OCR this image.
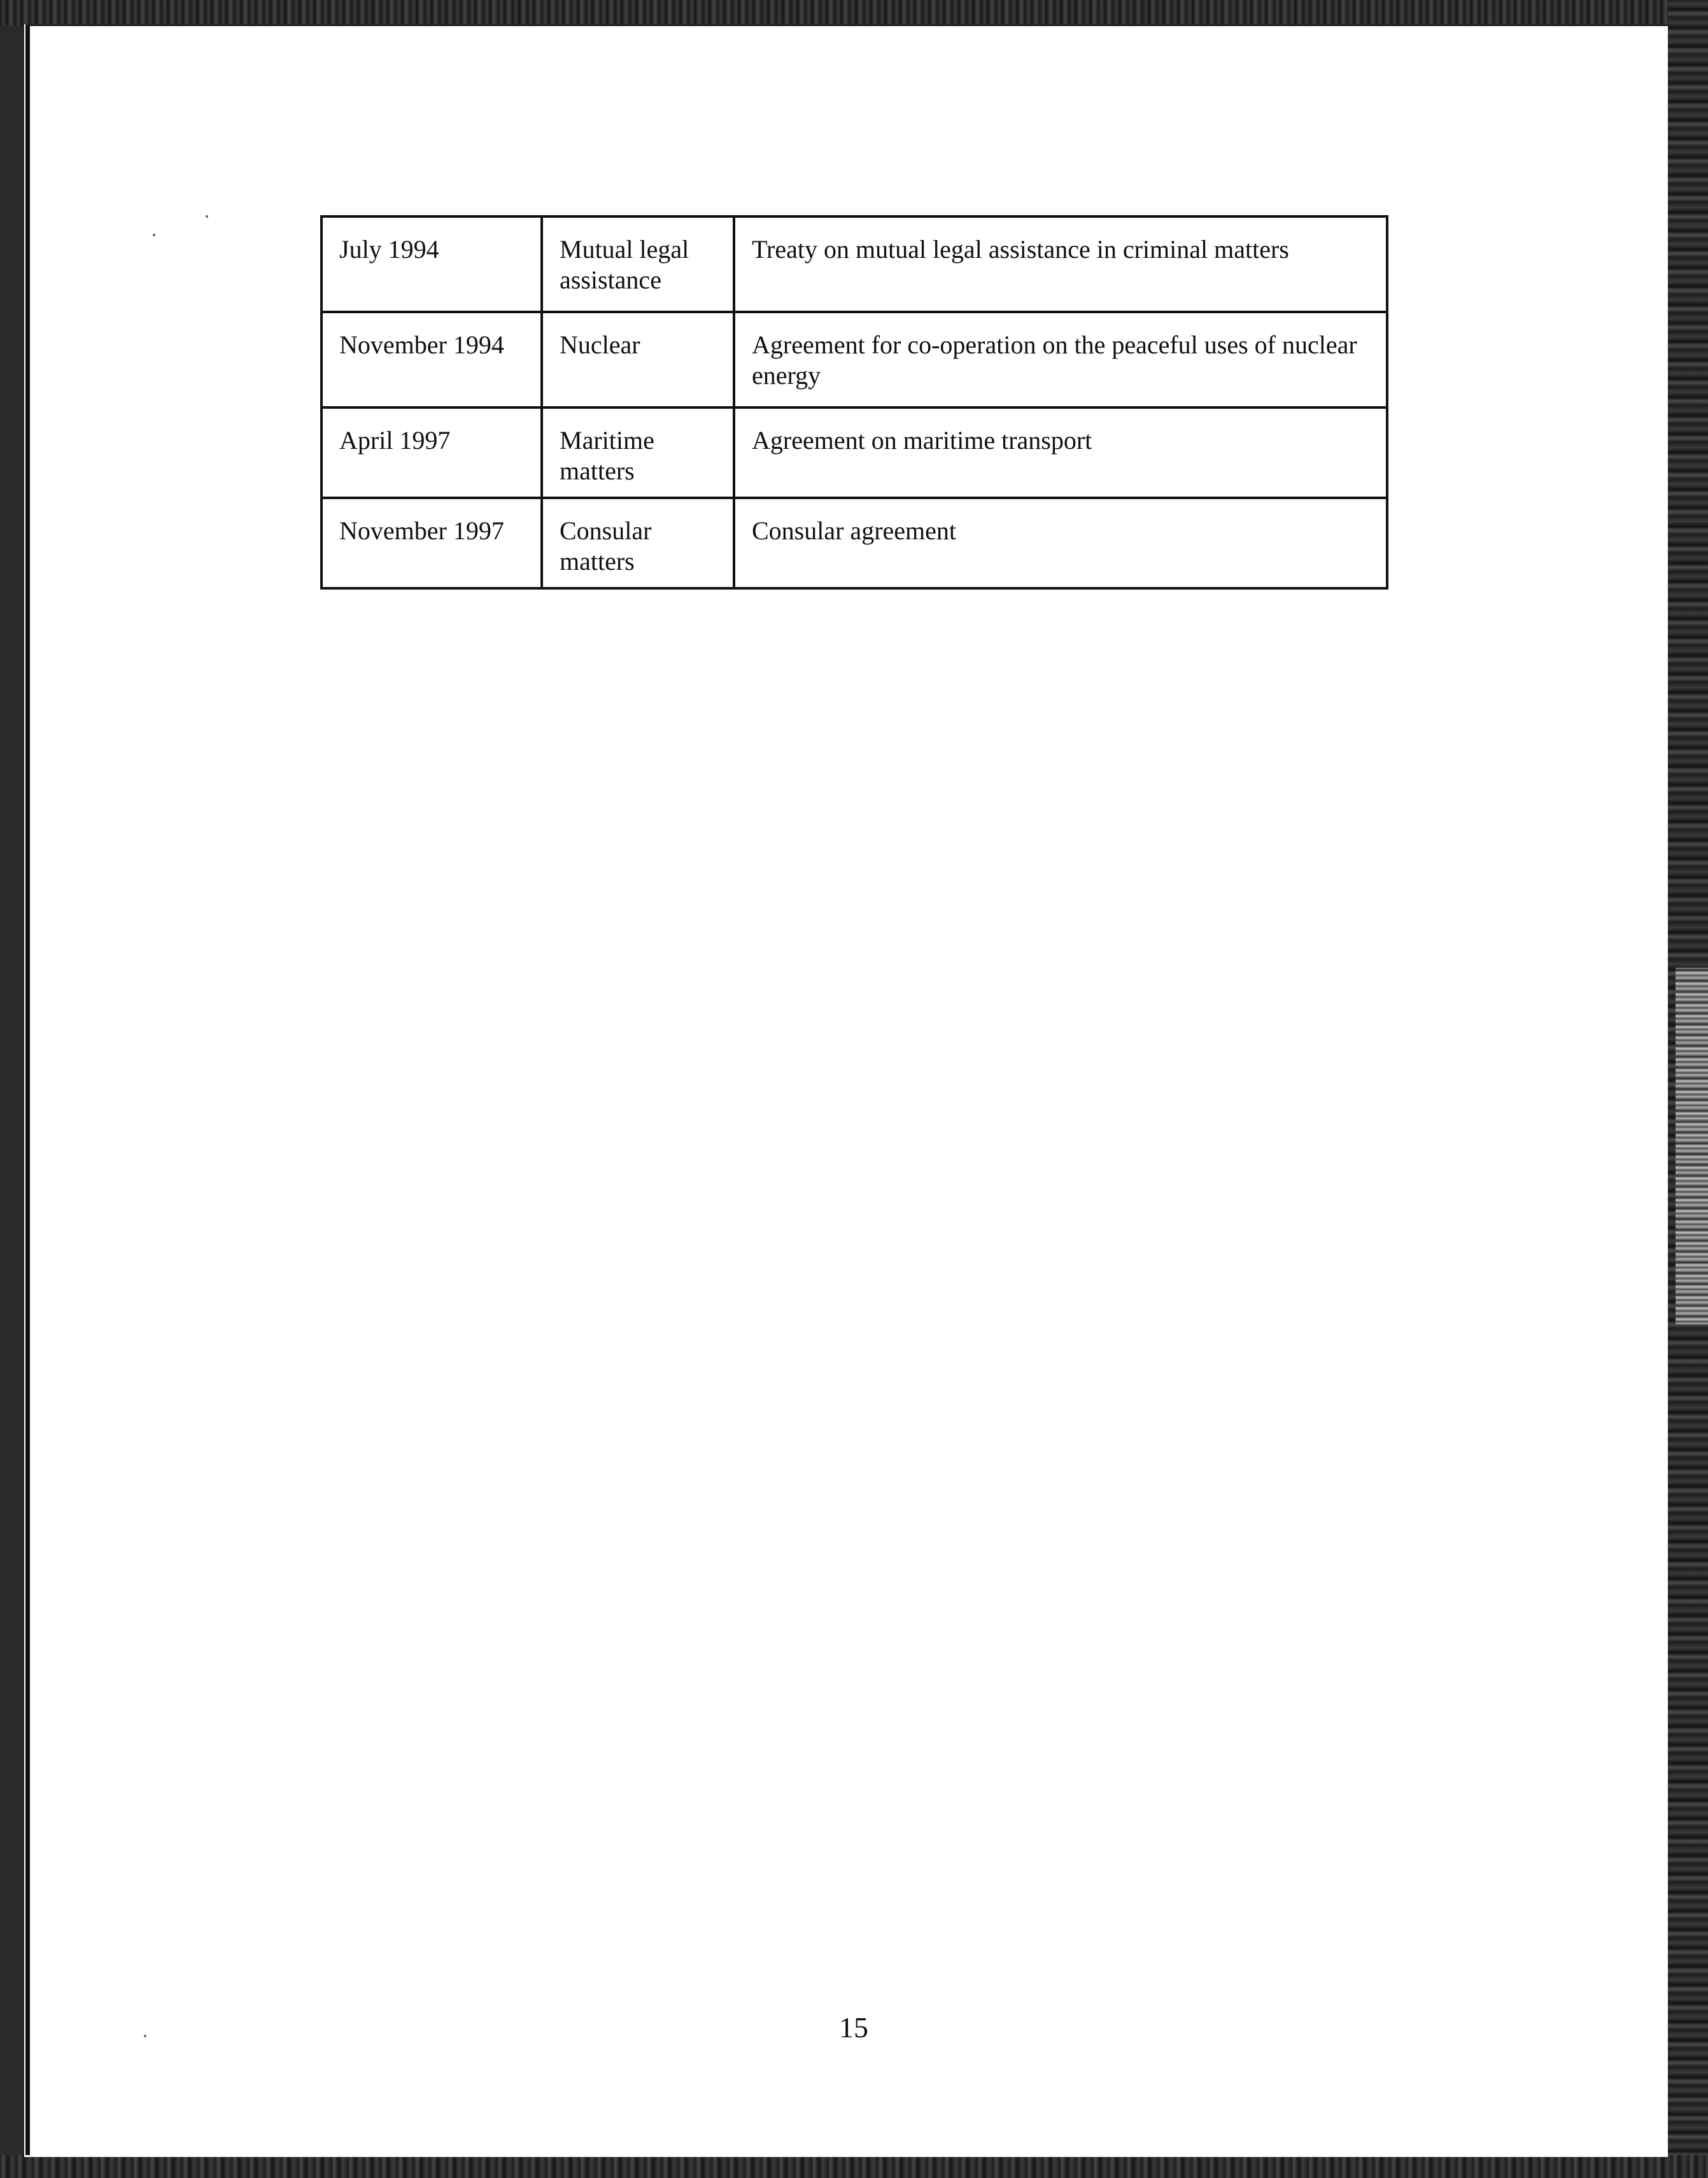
July 1994	Mutual legal assistance	Treaty on mutual legal assistance in criminal matters
November 1994	Nuclear	Agreement for co-operation on the peaceful uses of nuclear energy
April 1997	Maritime matters	Agreement on maritime transport
November 1997	Consular matters	Consular agreement
15
